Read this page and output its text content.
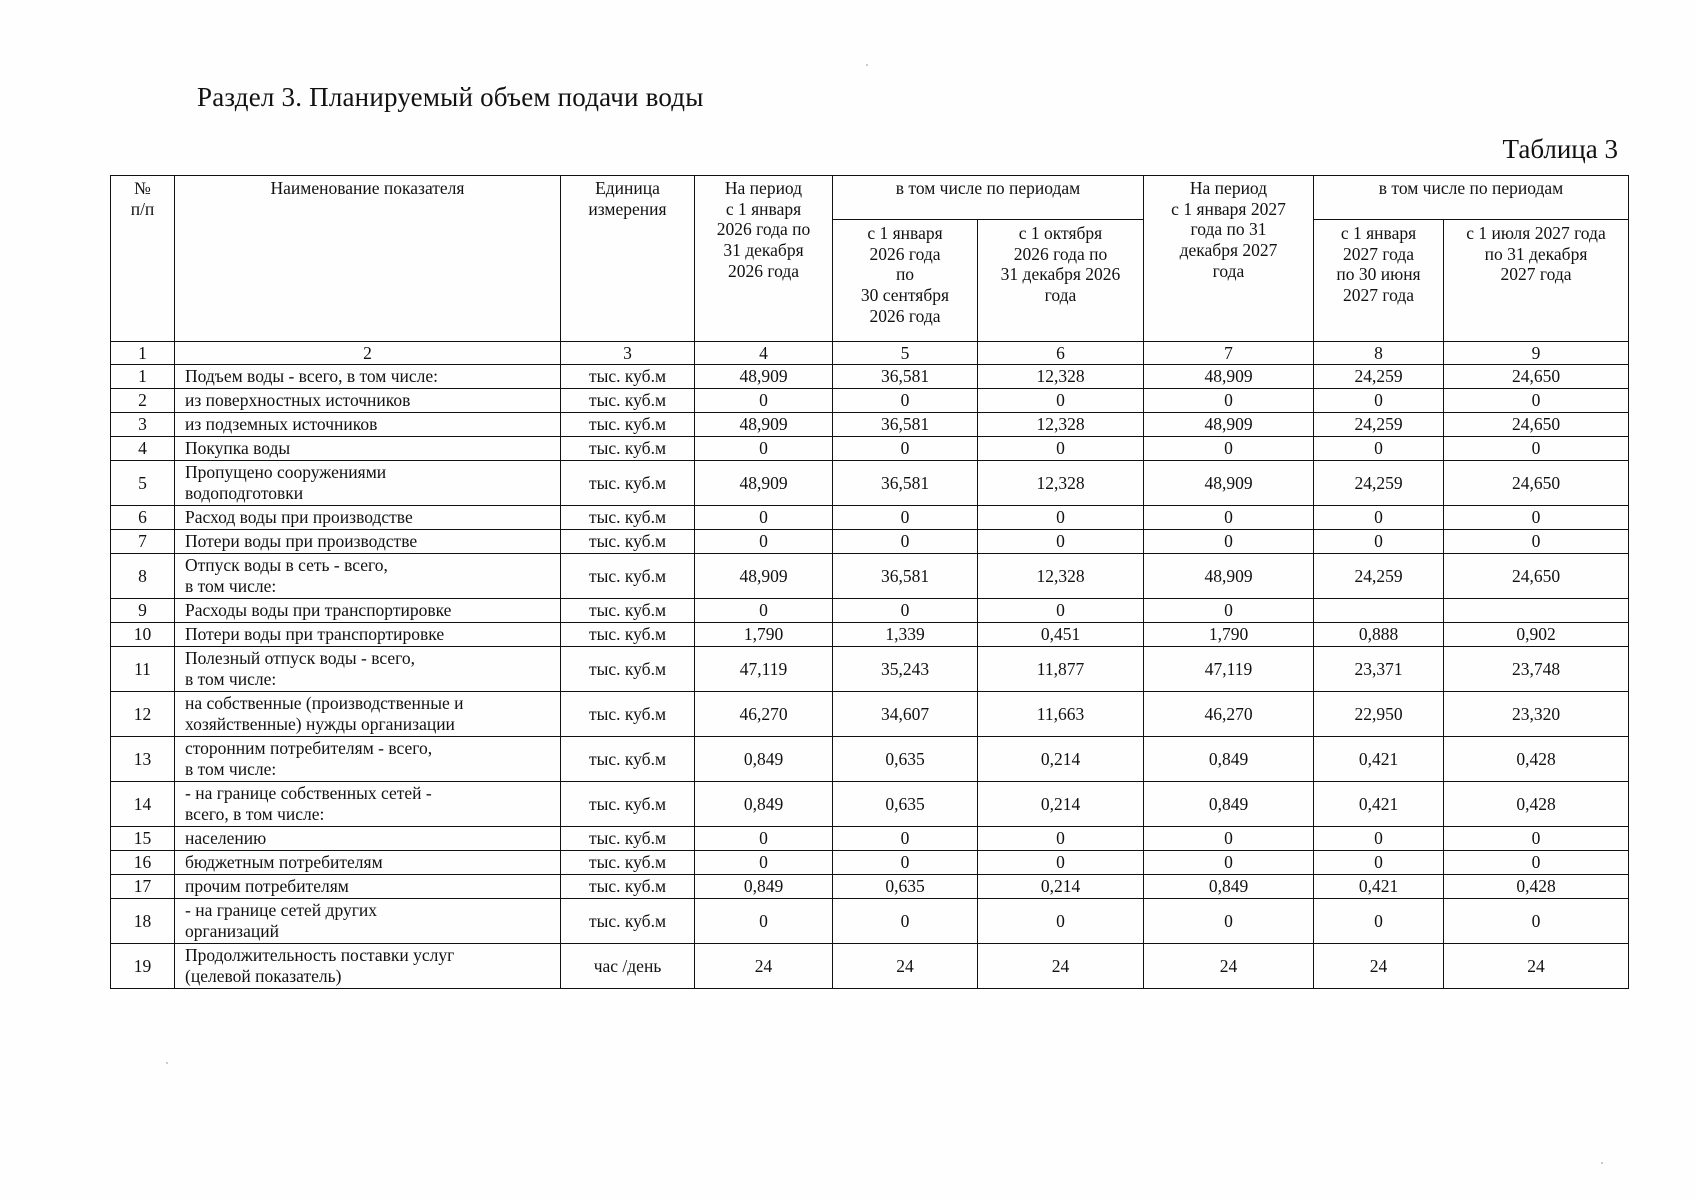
Раздел 3. Планируемый объем подачи воды
Таблица 3
№
п/п	Наименование показателя	Единица
измерения	На период
с 1 января
2026 года по
31 декабря
2026 года	в том числе по периодам		На период
с 1 января 2027
года по 31
декабря 2027
года	в том числе по периодам	
				с 1 января
2026 года
по
30 сентября
2026 года	с 1 октября
2026 года по
31 декабря 2026
года		с 1 января
2027 года
по 30 июня
2027 года	с 1 июля 2027 года
по 31 декабря
2027 года
1	2	3	4	5	6	7	8	9
1	Подъем воды - всего, в том числе:	тыс. куб.м	48,909	36,581	12,328	48,909	24,259	24,650
2	из поверхностных источников	тыс. куб.м	0	0	0	0	0	0
3	из подземных источников	тыс. куб.м	48,909	36,581	12,328	48,909	24,259	24,650
4	Покупка воды	тыс. куб.м	0	0	0	0	0	0
5	Пропущено сооружениями
водоподготовки	тыс. куб.м	48,909	36,581	12,328	48,909	24,259	24,650
6	Расход воды при производстве	тыс. куб.м	0	0	0	0	0	0
7	Потери воды при производстве	тыс. куб.м	0	0	0	0	0	0
8	Отпуск воды в сеть - всего,
в том числе:	тыс. куб.м	48,909	36,581	12,328	48,909	24,259	24,650
9	Расходы воды при транспортировке	тыс. куб.м	0	0	0	0		
10	Потери воды при транспортировке	тыс. куб.м	1,790	1,339	0,451	1,790	0,888	0,902
11	Полезный отпуск воды - всего,
в том числе:	тыс. куб.м	47,119	35,243	11,877	47,119	23,371	23,748
12	на собственные (производственные и
хозяйственные) нужды организации	тыс. куб.м	46,270	34,607	11,663	46,270	22,950	23,320
13	сторонним потребителям - всего,
в том числе:	тыс. куб.м	0,849	0,635	0,214	0,849	0,421	0,428
14	- на границе собственных сетей -
всего, в том числе:	тыс. куб.м	0,849	0,635	0,214	0,849	0,421	0,428
15	населению	тыс. куб.м	0	0	0	0	0	0
16	бюджетным потребителям	тыс. куб.м	0	0	0	0	0	0
17	прочим потребителям	тыс. куб.м	0,849	0,635	0,214	0,849	0,421	0,428
18	- на границе сетей других
организаций	тыс. куб.м	0	0	0	0	0	0
19	Продолжительность поставки услуг
(целевой показатель)	час /день	24	24	24	24	24	24
